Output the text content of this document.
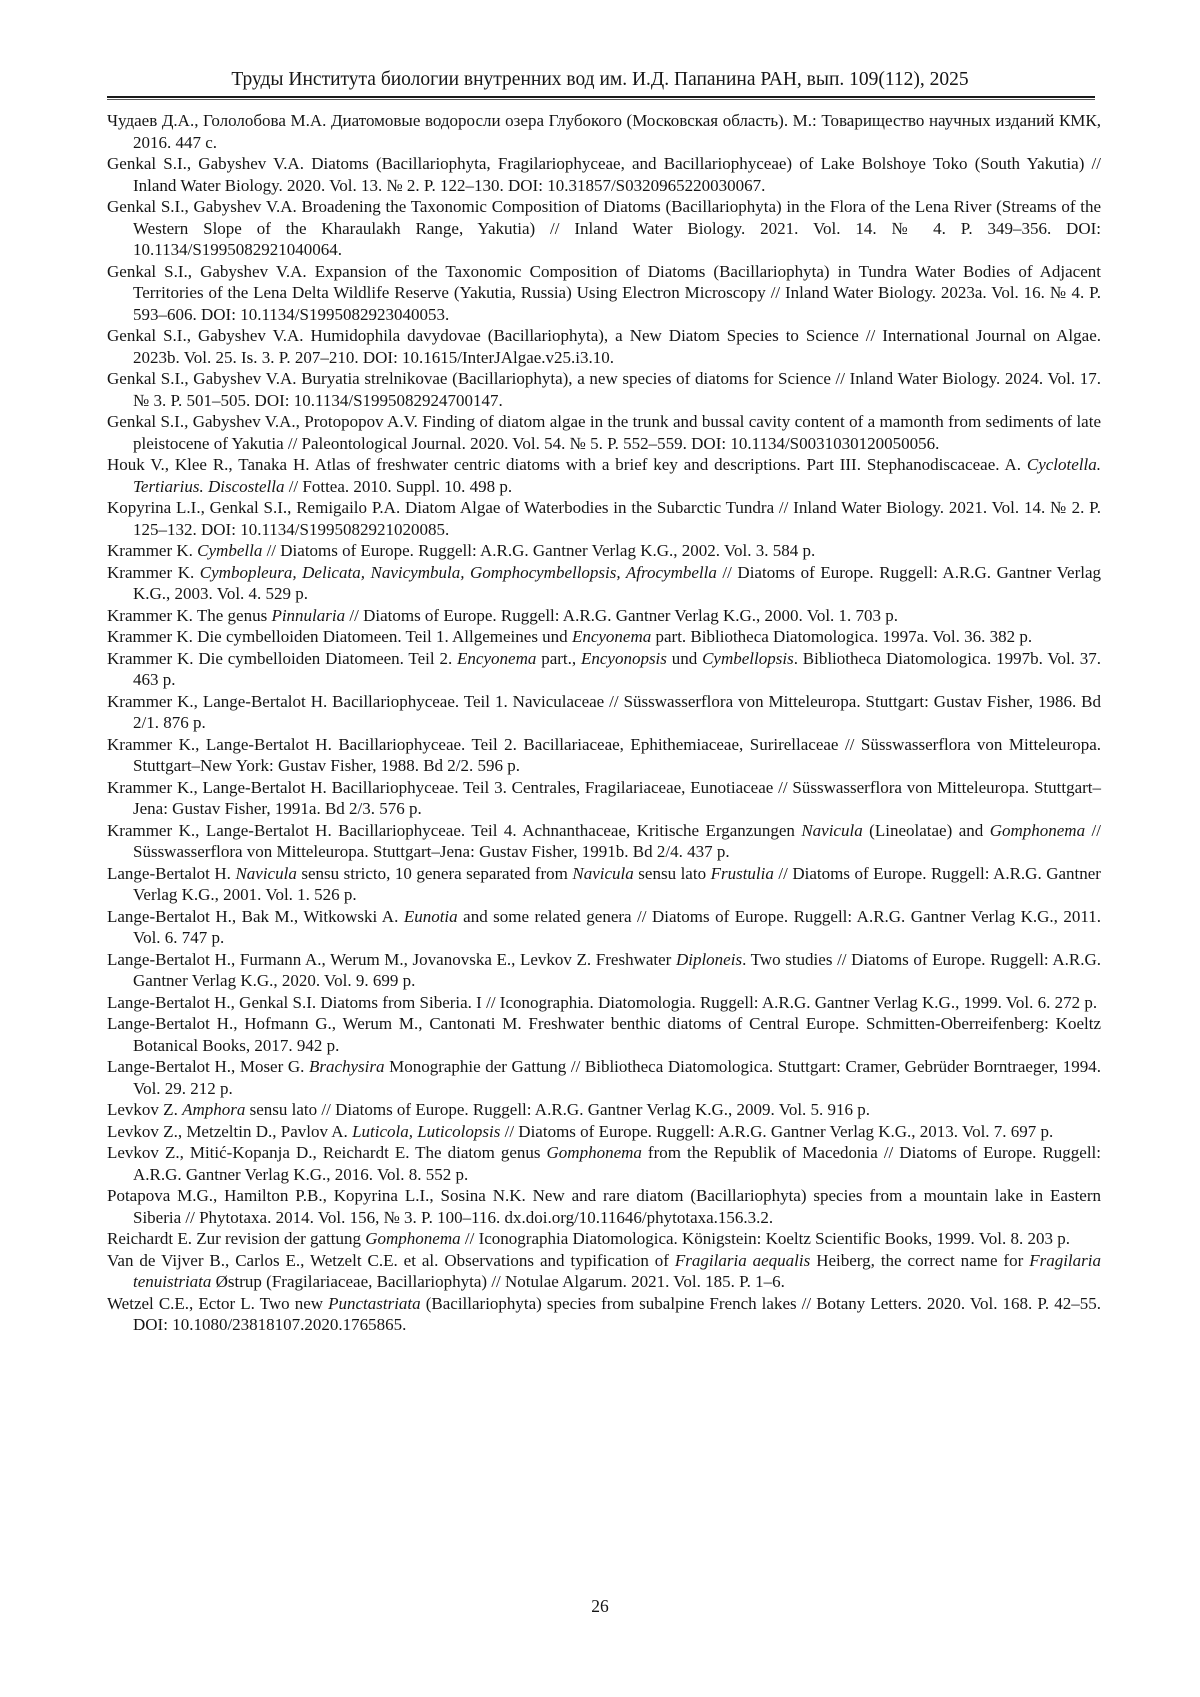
Труды Института биологии внутренних вод им. И.Д. Папанина РАН, вып. 109(112), 2025

Чудаев Д.А., Гололобова М.А. Диатомовые водоросли озера Глубокого (Московская область). М.: Товарищество научных изданий КМК, 2016. 447 с.

Genkal S.I., Gabyshev V.A. Diatoms (Bacillariophyta, Fragilariophyceae, and Bacillariophyceae) of Lake Bolshoye Toko (South Yakutia) // Inland Water Biology. 2020. Vol. 13. № 2. P. 122–130. DOI: 10.31857/S0320965220030067.

Genkal S.I., Gabyshev V.A. Broadening the Taxonomic Composition of Diatoms (Bacillariophyta) in the Flora of the Lena River (Streams of the Western Slope of the Kharaulakh Range, Yakutia) // Inland Water Biology. 2021. Vol. 14. № 4. P. 349–356. DOI: 10.1134/S1995082921040064.

Genkal S.I., Gabyshev V.A. Expansion of the Taxonomic Composition of Diatoms (Bacillariophyta) in Tundra Water Bodies of Adjacent Territories of the Lena Delta Wildlife Reserve (Yakutia, Russia) Using Electron Microscopy // Inland Water Biology. 2023a. Vol. 16. № 4. P. 593–606. DOI: 10.1134/S1995082923040053.

Genkal S.I., Gabyshev V.A. Humidophila davydovae (Bacillariophyta), a New Diatom Species to Science // International Journal on Algae. 2023b. Vol. 25. Is. 3. P. 207–210. DOI: 10.1615/InterJAlgae.v25.i3.10.

Genkal S.I., Gabyshev V.A. Buryatia strelnikovae (Bacillariophyta), a new species of diatoms for Science // Inland Water Biology. 2024. Vol. 17. № 3. P. 501–505. DOI: 10.1134/S1995082924700147.

Genkal S.I., Gabyshev V.A., Protopopov A.V. Finding of diatom algae in the trunk and bussal cavity content of a mamonth from sediments of late pleistocene of Yakutia // Paleontological Journal. 2020. Vol. 54. № 5. P. 552–559. DOI: 10.1134/S0031030120050056.

Houk V., Klee R., Tanaka H. Atlas of freshwater centric diatoms with a brief key and descriptions. Part III. Stephanodiscaceae. A. Cyclotella. Tertiarius. Discostella // Fottea. 2010. Suppl. 10. 498 p.

Kopyrina L.I., Genkal S.I., Remigailo P.A. Diatom Algae of Waterbodies in the Subarctic Tundra // Inland Water Biology. 2021. Vol. 14. № 2. P. 125–132. DOI: 10.1134/S1995082921020085.

Krammer K. Cymbella // Diatoms of Europe. Ruggell: A.R.G. Gantner Verlag K.G., 2002. Vol. 3. 584 p.

Krammer K. Cymbopleura, Delicata, Navicymbula, Gomphocymbellopsis, Afrocymbella // Diatoms of Europe. Ruggell: A.R.G. Gantner Verlag K.G., 2003. Vol. 4. 529 p.

Krammer K. The genus Pinnularia // Diatoms of Europe. Ruggell: A.R.G. Gantner Verlag K.G., 2000. Vol. 1. 703 p.

Krammer K. Die cymbelloiden Diatomeen. Teil 1. Allgemeines und Encyonema part. Bibliotheca Diatomologica. 1997a. Vol. 36. 382 p.

Krammer K. Die cymbelloiden Diatomeen. Teil 2. Encyonema part., Encyonopsis und Cymbellopsis. Bibliotheca Diatomologica. 1997b. Vol. 37. 463 p.

Krammer K., Lange-Bertalot H. Bacillariophyceae. Teil 1. Naviculaceae // Süsswasserflora von Mitteleuropa. Stuttgart: Gustav Fisher, 1986. Bd 2/1. 876 p.

Krammer K., Lange-Bertalot H. Bacillariophyceae. Teil 2. Bacillariaceae, Ephithemiaceae, Surirellaceae // Süsswasserflora von Mitteleuropa. Stuttgart–New York: Gustav Fisher, 1988. Bd 2/2. 596 p.

Krammer K., Lange-Bertalot H. Bacillariophyceae. Teil 3. Centrales, Fragilariaceae, Eunotiaceae // Süsswasserflora von Mitteleuropa. Stuttgart–Jena: Gustav Fisher, 1991a. Bd 2/3. 576 p.

Krammer K., Lange-Bertalot H. Bacillariophyceae. Teil 4. Achnanthaceae, Kritische Erganzungen Navicula (Lineolatae) and Gomphonema // Süsswasserflora von Mitteleuropa. Stuttgart–Jena: Gustav Fisher, 1991b. Bd 2/4. 437 p.

Lange-Bertalot H. Navicula sensu stricto, 10 genera separated from Navicula sensu lato Frustulia // Diatoms of Europe. Ruggell: A.R.G. Gantner Verlag K.G., 2001. Vol. 1. 526 p.

Lange-Bertalot H., Bak M., Witkowski A. Eunotia and some related genera // Diatoms of Europe. Ruggell: A.R.G. Gantner Verlag K.G., 2011. Vol. 6. 747 p.

Lange-Bertalot H., Furmann A., Werum M., Jovanovska E., Levkov Z. Freshwater Diploneis. Two studies // Diatoms of Europe. Ruggell: A.R.G. Gantner Verlag K.G., 2020. Vol. 9. 699 p.

Lange-Bertalot H., Genkal S.I. Diatoms from Siberia. I // Iconographia. Diatomologia. Ruggell: A.R.G. Gantner Verlag K.G., 1999. Vol. 6. 272 p.

Lange-Bertalot H., Hofmann G., Werum M., Cantonati M. Freshwater benthic diatoms of Central Europe. Schmitten-Oberreifenberg: Koeltz Botanical Books, 2017. 942 p.

Lange-Bertalot H., Moser G. Brachysira Monographie der Gattung // Bibliotheca Diatomologica. Stuttgart: Cramer, Gebrüder Borntraeger, 1994. Vol. 29. 212 p.

Levkov Z. Amphora sensu lato // Diatoms of Europe. Ruggell: A.R.G. Gantner Verlag K.G., 2009. Vol. 5. 916 p.

Levkov Z., Metzeltin D., Pavlov A. Luticola, Luticolopsis // Diatoms of Europe. Ruggell: A.R.G. Gantner Verlag K.G., 2013. Vol. 7. 697 p.

Levkov Z., Mitić-Kopanja D., Reichardt E. The diatom genus Gomphonema from the Republik of Macedonia // Diatoms of Europe. Ruggell: A.R.G. Gantner Verlag K.G., 2016. Vol. 8. 552 p.

Potapova M.G., Hamilton P.B., Kopyrina L.I., Sosina N.K. New and rare diatom (Bacillariophyta) species from a mountain lake in Eastern Siberia // Phytotaxa. 2014. Vol. 156, № 3. P. 100–116. dx.doi.org/10.11646/phytotaxa.156.3.2.

Reichardt E. Zur revision der gattung Gomphonema // Iconographia Diatomologica. Königstein: Koeltz Scientific Books, 1999. Vol. 8. 203 p.

Van de Vijver B., Carlos E., Wetzelt C.E. et al. Observations and typification of Fragilaria aequalis Heiberg, the correct name for Fragilaria tenuistriata Østrup (Fragilariaceae, Bacillariophyta) // Notulae Algarum. 2021. Vol. 185. P. 1–6.

Wetzel C.E., Ector L. Two new Punctastriata (Bacillariophyta) species from subalpine French lakes // Botany Letters. 2020. Vol. 168. P. 42–55. DOI: 10.1080/23818107.2020.1765865.

26
